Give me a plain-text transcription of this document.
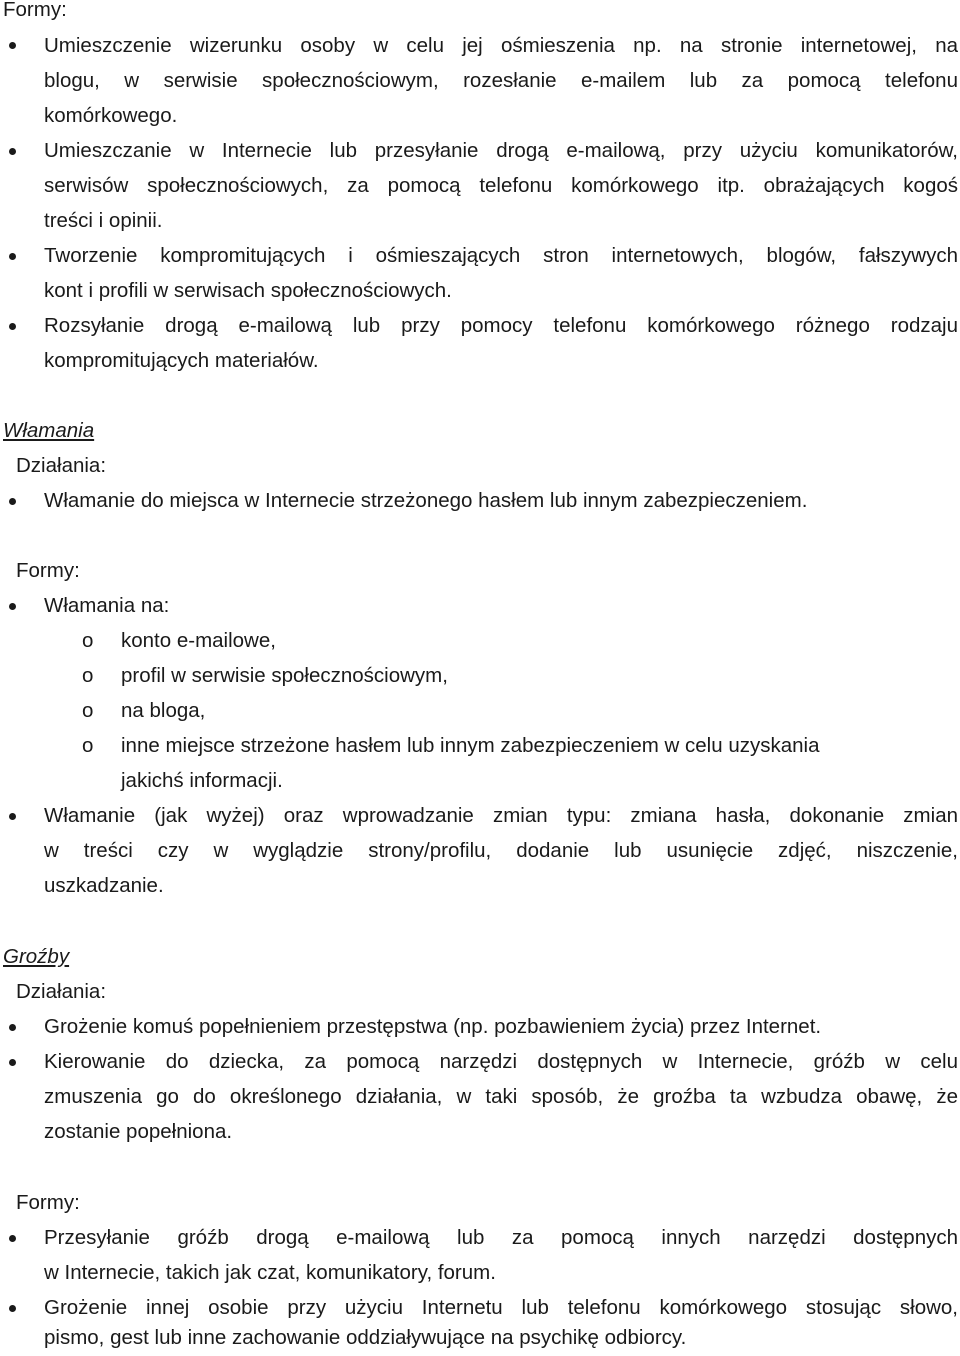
Formy:

Umieszczenie wizerunku osoby w celu jej ośmieszenia np. na stronie internetowej, na

blogu, w serwisie społecznościowym, rozesłanie e-mailem lub za pomocą telefonu

komórkowego.

Umieszczanie w Internecie lub przesyłanie drogą e-mailową, przy użyciu komunikatorów,

serwisów społecznościowych, za pomocą telefonu komórkowego itp. obrażających kogoś

treści i opinii.

Tworzenie kompromitujących i ośmieszających stron internetowych, blogów, fałszywych

kont i profili w serwisach społecznościowych.

Rozsyłanie drogą e-mailową lub przy pomocy telefonu komórkowego różnego rodzaju

kompromitujących materiałów.

Włamania
Działania:

Włamanie do miejsca w Internecie strzeżonego hasłem lub innym zabezpieczeniem.

Formy:

Włamania na:

o konto e-mailowe,

o profil w serwisie społecznościowym,

o na bloga,

o inne miejsce strzeżone hasłem lub innym zabezpieczeniem w celu uzyskania

jakichś informacji.

Włamanie (jak wyżej) oraz wprowadzanie zmian typu: zmiana hasła, dokonanie zmian

w treści czy w wyglądzie strony/profilu, dodanie lub usunięcie zdjęć, niszczenie,

uszkadzanie.

Groźby
Działania:

Grożenie komuś popełnieniem przestępstwa (np. pozbawieniem życia) przez Internet.

Kierowanie do dziecka, za pomocą narzędzi dostępnych w Internecie, gróźb w celu

zmuszenia go do określonego działania, w taki sposób, że groźba ta wzbudza obawę, że

zostanie popełniona.

Formy:

Przesyłanie gróźb drogą e-mailową lub za pomocą innych narzędzi dostępnych

w Internecie, takich jak czat, komunikatory, forum.

Grożenie innej osobie przy użyciu Internetu lub telefonu komórkowego stosując słowo,

pismo, gest lub inne zachowanie oddziaływujące na psychikę odbiorcy.
